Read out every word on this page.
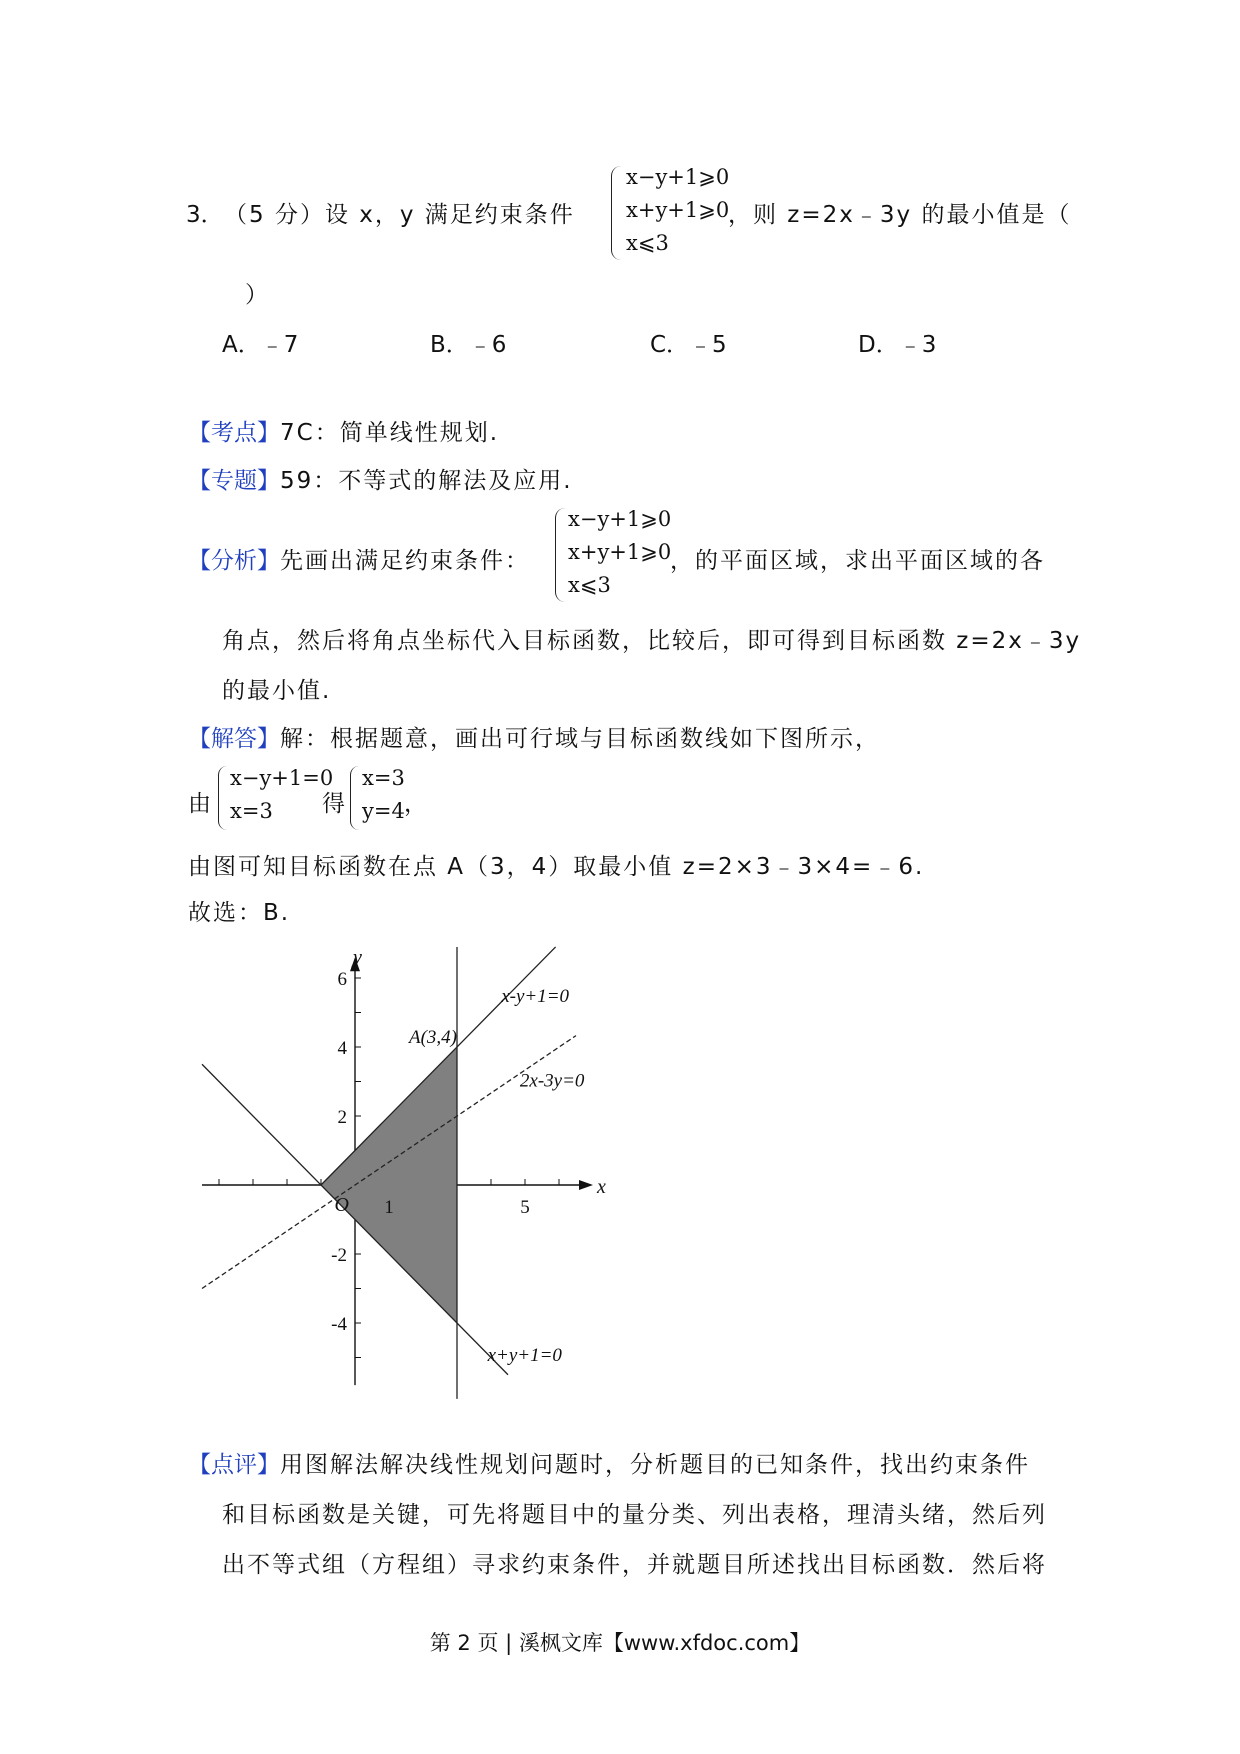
3． （5 分）设 x，y 满足约束条件
x−y+1⩾0
x+y+1⩾0
x⩽3
，则 z=2x﹣3y 的最小值是（
）
A．﹣7	B．﹣6	C．﹣5	D．﹣3
【考点】7C：简单线性规划.
【专题】59：不等式的解法及应用.
【分析】先画出满足约束条件：
x−y+1⩾0
x+y+1⩾0
x⩽3
，的平面区域，求出平面区域的各
角点，然后将角点坐标代入目标函数，比较后，即可得到目标函数 z=2x﹣3y
的最小值.
【解答】解：根据题意，画出可行域与目标函数线如下图所示，
由
x−y+1=0
x=3	得
x=3
y=4 ，
由图可知目标函数在点 A（3，4）取最小值 z=2×3﹣3×4=﹣6.
故选：B.
1	5
6
4
2
-2
-4
O
x
y
x-y+1=0
x+y+1=0
2x-3y=0
A(3,4)
【点评】用图解法解决线性规划问题时，分析题目的已知条件，找出约束条件
和目标函数是关键，可先将题目中的量分类、列出表格，理清头绪，然后列
出不等式组（方程组）寻求约束条件，并就题目所述找出目标函数．然后将
第 2 页 | 溪枫文库【www.xfdoc.com】
